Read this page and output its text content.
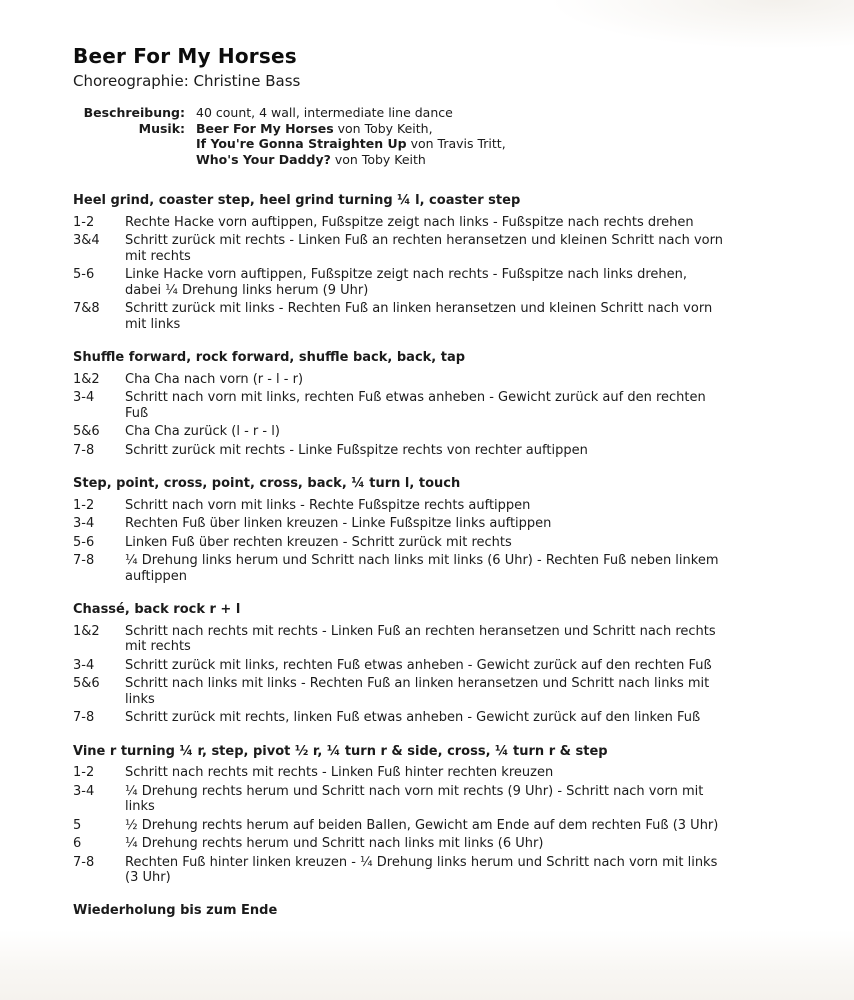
Beer For My Horses
Choreographie: Christine Bass
Beschreibung: 40 count, 4 wall, intermediate line dance
Musik: Beer For My Horses von Toby Keith,
If You're Gonna Straighten Up von Travis Tritt,
Who's Your Daddy? von Toby Keith
Heel grind, coaster step, heel grind turning ¼ l, coaster step
1-2	Rechte Hacke vorn auftippen, Fußspitze zeigt nach links - Fußspitze nach rechts drehen
3&4	Schritt zurück mit rechts - Linken Fuß an rechten heransetzen und kleinen Schritt nach vorn
mit rechts
5-6	Linke Hacke vorn auftippen, Fußspitze zeigt nach rechts - Fußspitze nach links drehen,
dabei ¼ Drehung links herum (9 Uhr)
7&8	Schritt zurück mit links - Rechten Fuß an linken heransetzen und kleinen Schritt nach vorn
mit links
Shuffle forward, rock forward, shuffle back, back, tap
1&2	Cha Cha nach vorn (r - l - r)
3-4	Schritt nach vorn mit links, rechten Fuß etwas anheben - Gewicht zurück auf den rechten
Fuß
5&6	Cha Cha zurück (l - r - l)
7-8	Schritt zurück mit rechts - Linke Fußspitze rechts von rechter auftippen
Step, point, cross, point, cross, back, ¼ turn l, touch
1-2	Schritt nach vorn mit links - Rechte Fußspitze rechts auftippen
3-4	Rechten Fuß über linken kreuzen - Linke Fußspitze links auftippen
5-6	Linken Fuß über rechten kreuzen - Schritt zurück mit rechts
7-8	¼ Drehung links herum und Schritt nach links mit links (6 Uhr) - Rechten Fuß neben linkem
auftippen
Chassé, back rock r + l
1&2	Schritt nach rechts mit rechts - Linken Fuß an rechten heransetzen und Schritt nach rechts
mit rechts
3-4	Schritt zurück mit links, rechten Fuß etwas anheben - Gewicht zurück auf den rechten Fuß
5&6	Schritt nach links mit links - Rechten Fuß an linken heransetzen und Schritt nach links mit
links
7-8	Schritt zurück mit rechts, linken Fuß etwas anheben - Gewicht zurück auf den linken Fuß
Vine r turning ¼ r, step, pivot ½ r, ¼ turn r & side, cross, ¼ turn r & step
1-2	Schritt nach rechts mit rechts - Linken Fuß hinter rechten kreuzen
3-4	¼ Drehung rechts herum und Schritt nach vorn mit rechts (9 Uhr) - Schritt nach vorn mit
links
5	½ Drehung rechts herum auf beiden Ballen, Gewicht am Ende auf dem rechten Fuß (3 Uhr)
6	¼ Drehung rechts herum und Schritt nach links mit links (6 Uhr)
7-8	Rechten Fuß hinter linken kreuzen - ¼ Drehung links herum und Schritt nach vorn mit links
(3 Uhr)
Wiederholung bis zum Ende
